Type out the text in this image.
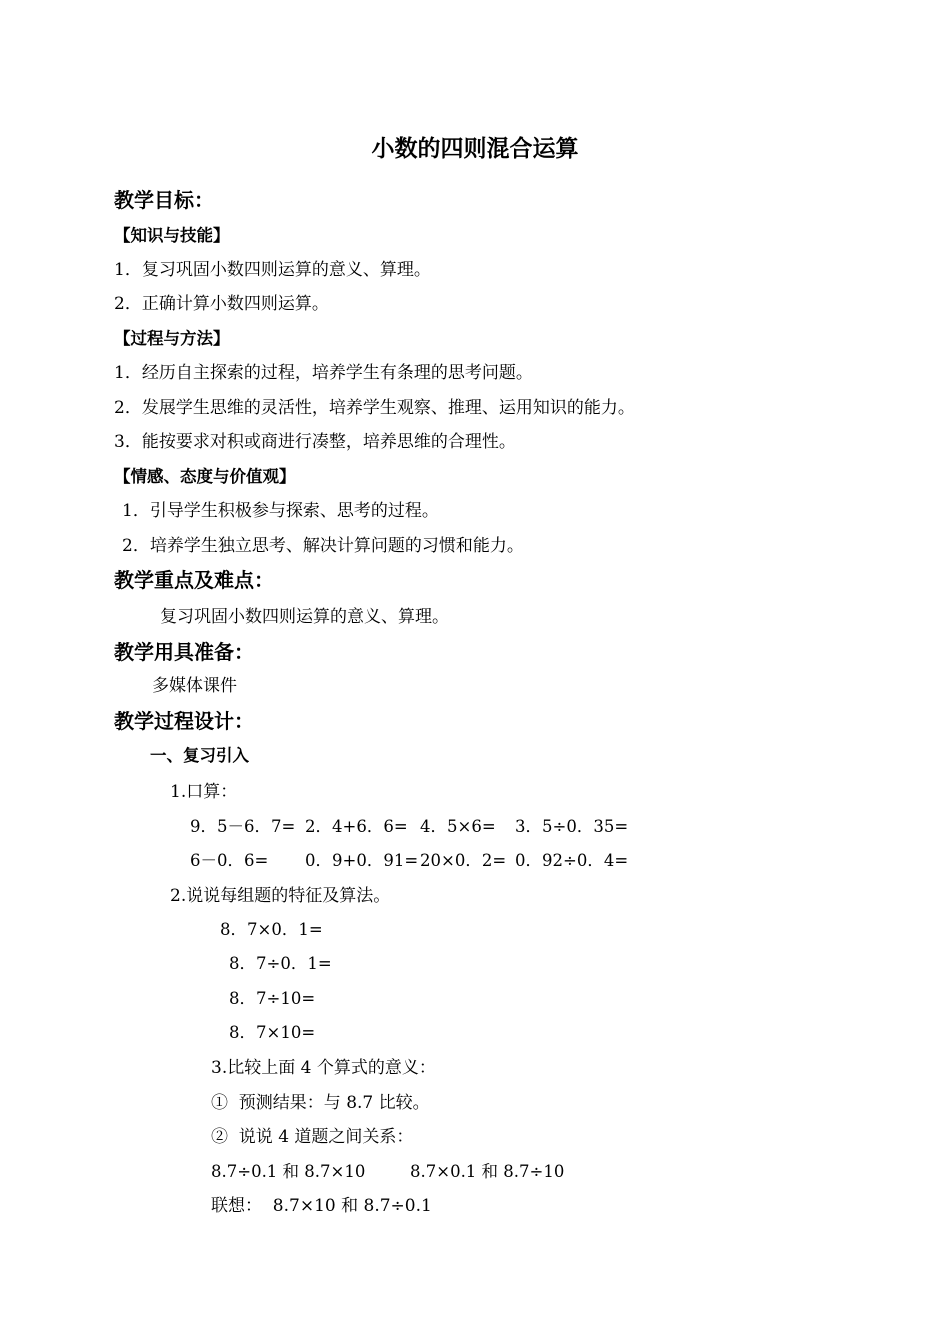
小数的四则混合运算
教学目标：
【知识与技能】
1．复习巩固小数四则运算的意义、算理。
2．正确计算小数四则运算。
【过程与方法】
1．经历自主探索的过程，培养学生有条理的思考问题。
2．发展学生思维的灵活性，培养学生观察、推理、运用知识的能力。
3．能按要求对积或商进行凑整，培养思维的合理性。
【情感、态度与价值观】
1．引导学生积极参与探索、思考的过程。
2．培养学生独立思考、解决计算问题的习惯和能力。
教学重点及难点：
复习巩固小数四则运算的意义、算理。
教学用具准备：
多媒体课件
教学过程设计：
一、复习引入
1.口算：
9．5－6．7= 2．4+6．6= 4．5×6= 3．5÷0．35=
6－0．6= 0．9+0．91= 20×0．2= 0．92÷0．4=
2.说说每组题的特征及算法。
8．7×0．1=
8．7÷0．1=
8．7÷10=
8．7×10=
3.比较上面 4 个算式的意义：
①  预测结果：与 8.7 比较。
②  说说 4 道题之间关系：
8.7÷0.1 和 8.7×10	8.7×0.1 和 8.7÷10
联想：  8.7×10 和 8.7÷0.1
